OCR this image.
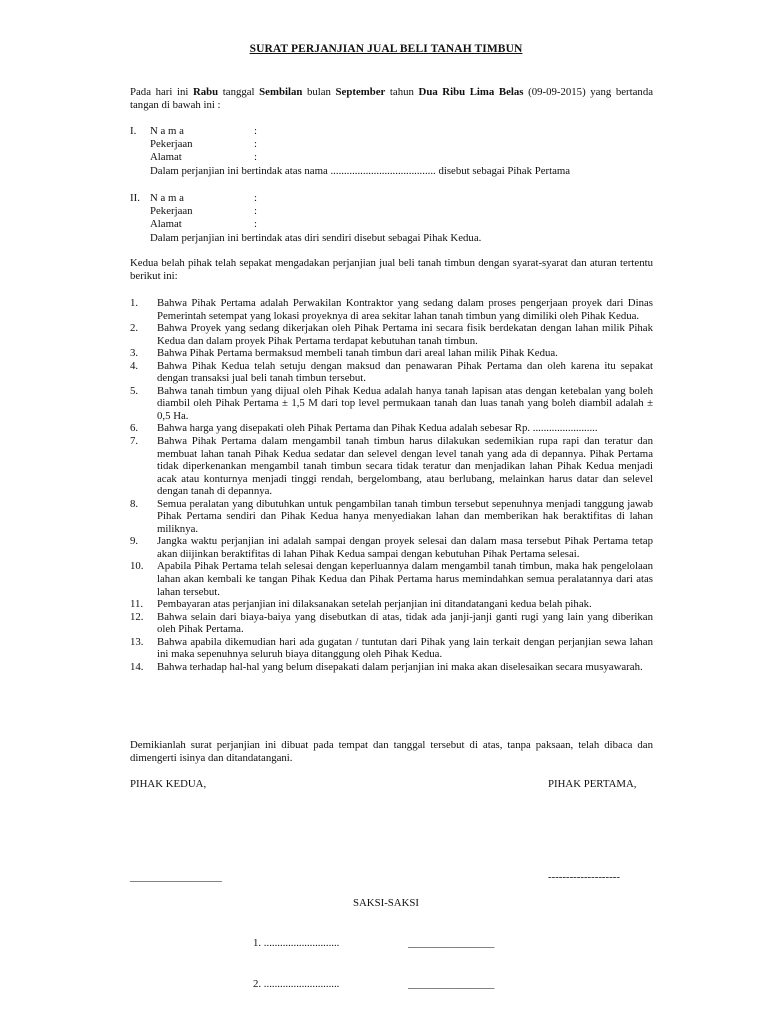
SURAT PERJANJIAN JUAL BELI TANAH TIMBUN
Pada hari ini Rabu tanggal Sembilan bulan September tahun Dua Ribu Lima Belas (09-09-2015) yang bertanda tangan di bawah ini :
I.	N a m a	:
Pekerjaan	:
Alamat	:
Dalam perjanjian ini bertindak atas nama ....................................... disebut sebagai Pihak Pertama
II. N a m a	:
Pekerjaan	:
Alamat	:
Dalam perjanjian ini bertindak atas diri sendiri disebut sebagai Pihak Kedua.
Kedua belah pihak telah sepakat mengadakan perjanjian jual beli tanah timbun dengan syarat-syarat dan aturan tertentu berikut ini:
1. Bahwa Pihak Pertama adalah Perwakilan Kontraktor yang sedang dalam proses pengerjaan proyek dari Dinas Pemerintah setempat yang lokasi proyeknya di area sekitar lahan tanah timbun yang dimiliki oleh Pihak Kedua.
2. Bahwa Proyek yang sedang dikerjakan oleh Pihak Pertama ini secara fisik berdekatan dengan lahan milik Pihak Kedua dan dalam proyek Pihak Pertama terdapat kebutuhan tanah timbun.
3. Bahwa Pihak Pertama bermaksud membeli tanah timbun dari areal lahan milik Pihak Kedua.
4. Bahwa Pihak Kedua telah setuju dengan maksud dan penawaran Pihak Pertama dan oleh karena itu sepakat dengan transaksi jual beli tanah timbun tersebut.
5. Bahwa tanah timbun yang dijual oleh Pihak Kedua adalah hanya tanah lapisan atas dengan ketebalan yang boleh diambil oleh Pihak Pertama ± 1,5 M dari top level permukaan tanah dan luas tanah yang boleh diambil adalah ± 0,5 Ha.
6. Bahwa harga yang disepakati oleh Pihak Pertama dan Pihak Kedua adalah sebesar Rp. ........................
7. Bahwa Pihak Pertama dalam mengambil tanah timbun harus dilakukan sedemikian rupa rapi dan teratur dan membuat lahan tanah Pihak Kedua sedatar dan selevel dengan level tanah yang ada di depannya. Pihak Pertama tidak diperkenankan mengambil tanah timbun secara tidak teratur dan menjadikan lahan Pihak Kedua menjadi acak atau konturnya menjadi tinggi rendah, bergelombang, atau berlubang, melainkan harus datar dan selevel dengan tanah di depannya.
8. Semua peralatan yang dibutuhkan untuk pengambilan tanah timbun tersebut sepenuhnya menjadi tanggung jawab Pihak Pertama sendiri dan Pihak Kedua hanya menyediakan lahan dan memberikan hak beraktifitas di lahan miliknya.
9. Jangka waktu perjanjian ini adalah sampai dengan proyek selesai dan dalam masa tersebut Pihak Pertama tetap akan diijinkan beraktifitas di lahan Pihak Kedua sampai dengan kebutuhan Pihak Pertama selesai.
10. Apabila Pihak Pertama telah selesai dengan keperluannya dalam mengambil tanah timbun, maka hak pengelolaan lahan akan kembali ke tangan Pihak Kedua dan Pihak Pertama harus memindahkan semua peralatannya dari atas lahan tersebut.
11. Pembayaran atas perjanjian ini dilaksanakan setelah perjanjian ini ditandatangani kedua belah pihak.
12. Bahwa selain dari biaya-baiya yang disebutkan di atas, tidak ada janji-janji ganti rugi yang lain yang diberikan oleh Pihak Pertama.
13. Bahwa apabila dikemudian hari ada gugatan / tuntutan dari Pihak yang lain terkait dengan perjanjian sewa lahan ini maka sepenuhnya seluruh biaya ditanggung oleh Pihak Kedua.
14. Bahwa terhadap hal-hal yang belum disepakati dalam perjanjian ini maka akan diselesaikan secara musyawarah.
Demikianlah surat perjanjian ini dibuat pada tempat dan tanggal tersebut di atas, tanpa paksaan, telah dibaca dan dimengerti isinya dan ditandatangani.
PIHAK KEDUA,	PIHAK PERTAMA,
_________________	--------------------
SAKSI-SAKSI
1. ............................	________________
2. ............................	________________
